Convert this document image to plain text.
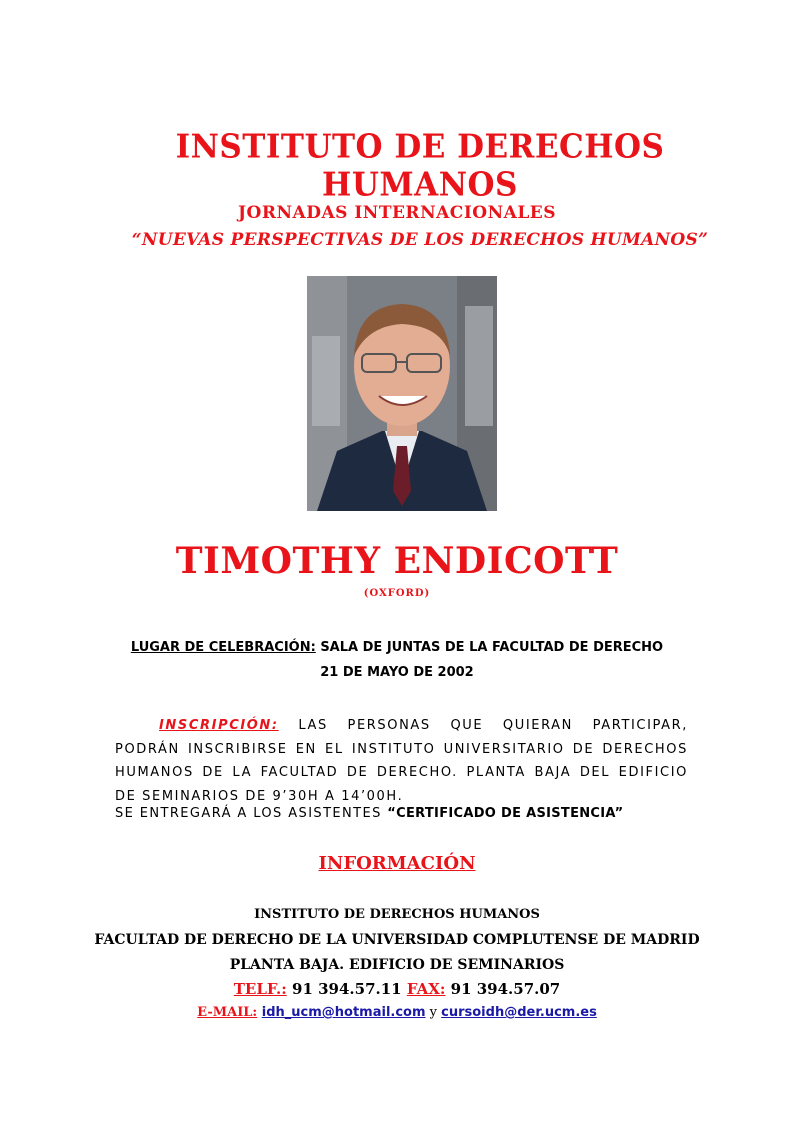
INSTITUTO DE DERECHOS HUMANOS
JORNADAS INTERNACIONALES
“NUEVAS PERSPECTIVAS DE LOS DERECHOS HUMANOS”
TIMOTHY ENDICOTT
(OXFORD)
LUGAR DE CELEBRACIÓN: SALA DE JUNTAS DE LA FACULTAD DE DERECHO
21 DE MAYO DE 2002
INSCRIPCIÓN: LAS PERSONAS QUE QUIERAN PARTICIPAR, PODRÁN INSCRIBIRSE EN EL INSTITUTO UNIVERSITARIO DE DERECHOS HUMANOS DE LA FACULTAD DE DERECHO. PLANTA BAJA DEL EDIFICIO DE SEMINARIOS DE 9’30H A 14’00H.
SE ENTREGARÁ A LOS ASISTENTES “CERTIFICADO DE ASISTENCIA”
INFORMACIÓN
INSTITUTO DE DERECHOS HUMANOS
FACULTAD DE DERECHO DE LA UNIVERSIDAD COMPLUTENSE DE MADRID
PLANTA BAJA. EDIFICIO DE SEMINARIOS
TELF.: 91 394.57.11 FAX: 91 394.57.07
E-MAIL: idh_ucm@hotmail.com y cursoidh@der.ucm.es
